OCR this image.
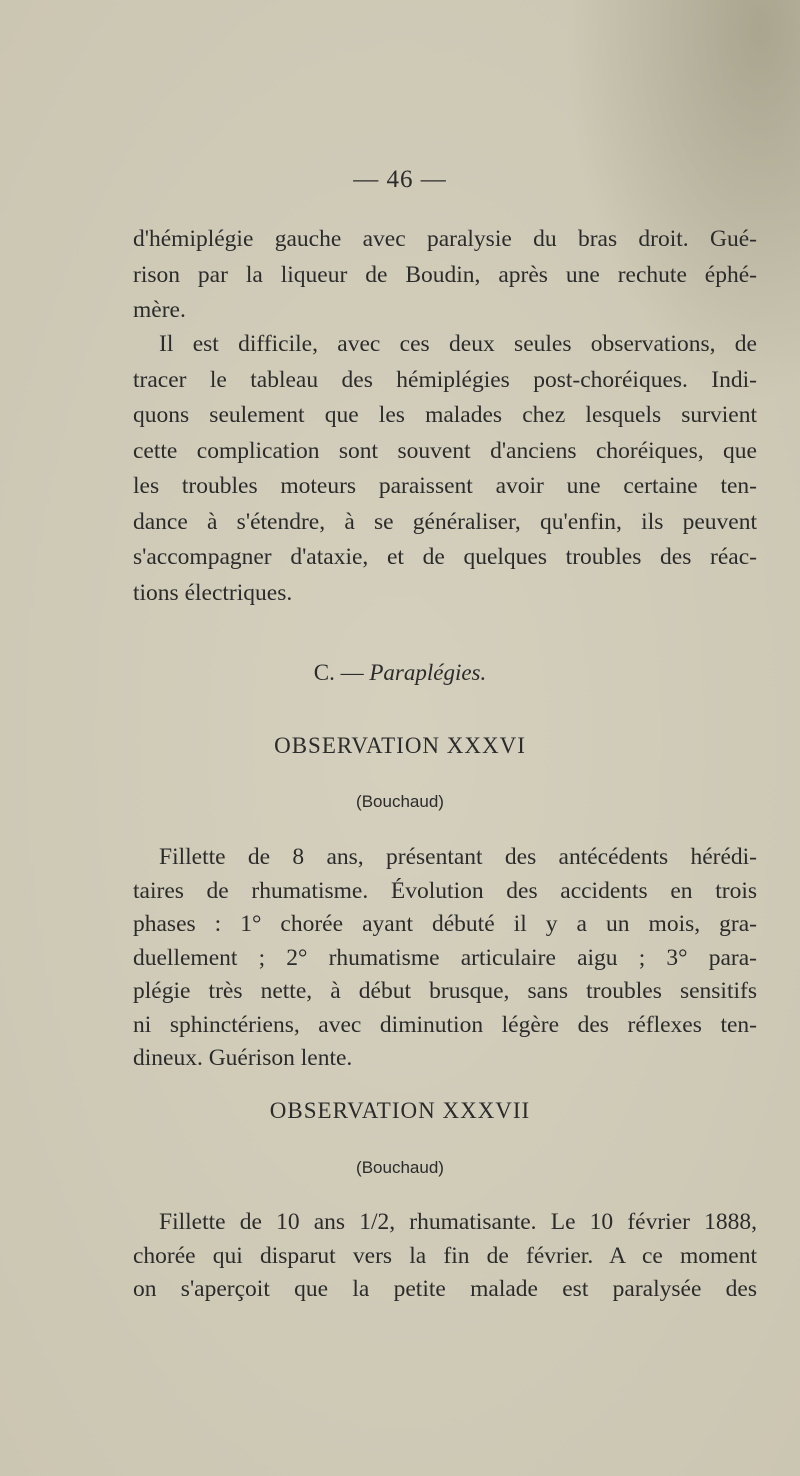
— 46 —
d'hémiplégie gauche avec paralysie du bras droit. Gué-
rison par la liqueur de Boudin, après une rechute éphé-
mère.
Il est difficile, avec ces deux seules observations, de
tracer le tableau des hémiplégies post-choréiques. Indi-
quons seulement que les malades chez lesquels survient
cette complication sont souvent d'anciens choréiques, que
les troubles moteurs paraissent avoir une certaine ten-
dance à s'étendre, à se généraliser, qu'enfin, ils peuvent
s'accompagner d'ataxie, et de quelques troubles des réac-
tions électriques.
C. — Paraplégies.
OBSERVATION XXXVI
(Bouchaud)
Fillette de 8 ans, présentant des antécédents hérédi-
taires de rhumatisme. Évolution des accidents en trois
phases : 1° chorée ayant débuté il y a un mois, gra-
duellement ; 2° rhumatisme articulaire aigu ; 3° para-
plégie très nette, à début brusque, sans troubles sensitifs
ni sphinctériens, avec diminution légère des réflexes ten-
dineux. Guérison lente.
OBSERVATION XXXVII
(Bouchaud)
Fillette de 10 ans 1/2, rhumatisante. Le 10 février 1888,
chorée qui disparut vers la fin de février. A ce moment
on s'aperçoit que la petite malade est paralysée des
